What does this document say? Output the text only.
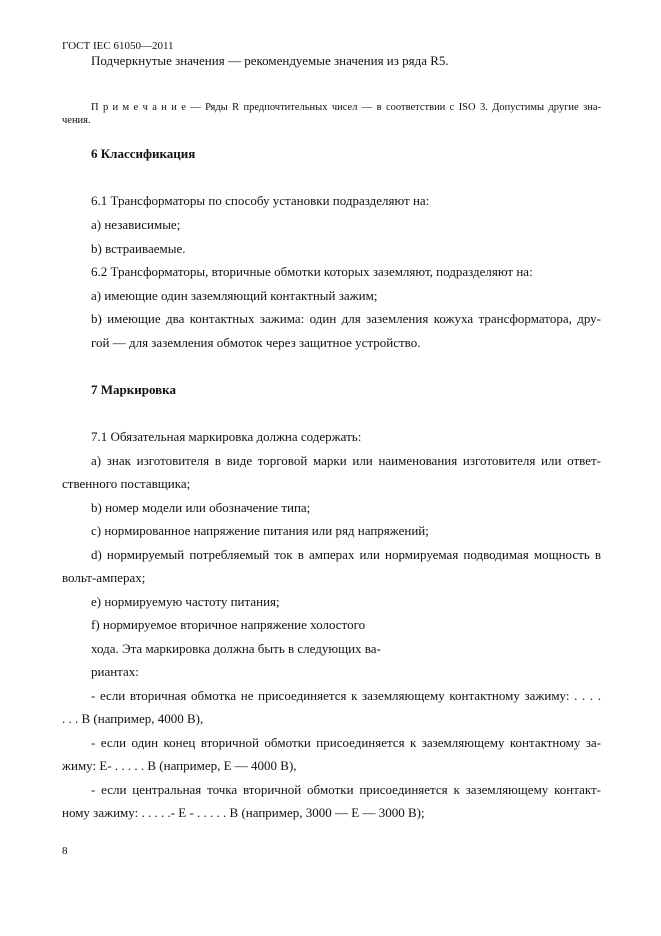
ГОСТ IEC 61050—2011
Подчеркнутые значения — рекомендуемые значения из ряда R5.
П р и м е ч а н и е — Ряды R предпочтительных чисел — в соответствии с ISO 3. Допустимы другие зна-
чения.
6 Классификация
6.1 Трансформаторы по способу установки подразделяют на:
a) независимые;
b) встраиваемые.
6.2 Трансформаторы, вторичные обмотки которых заземляют, подразделяют на:
a) имеющие один заземляющий контактный зажим;
b) имеющие два контактных зажима: один для заземления кожуха трансформатора, дру-
гой — для заземления обмоток через защитное устройство.
7 Маркировка
7.1 Обязательная маркировка должна содержать:
a) знак изготовителя в виде торговой марки или наименования изготовителя или ответ-
ственного поставщика;
b) номер модели или обозначение типа;
c) нормированное напряжение питания или ряд напряжений;
d) нормируемый потребляемый ток в амперах или нормируемая подводимая мощность в
вольт-амперах;
e) нормируемую частоту питания;
f) нормируемое вторичное напряжение холостого
хода. Эта маркировка должна быть в следующих ва-
риантах:
- если вторичная обмотка не присоединяется к заземляющему контактному зажиму: . . . .
. . . В (например, 4000 В),
- если один конец вторичной обмотки присоединяется к заземляющему контактному за-
жиму: Е- . . . . . В (например, Е — 4000 В),
- если центральная точка вторичной обмотки присоединяется к заземляющему контакт-
ному зажиму: . . . . .- Е - . . . . . В (например, 3000 — Е — 3000 В);
8
